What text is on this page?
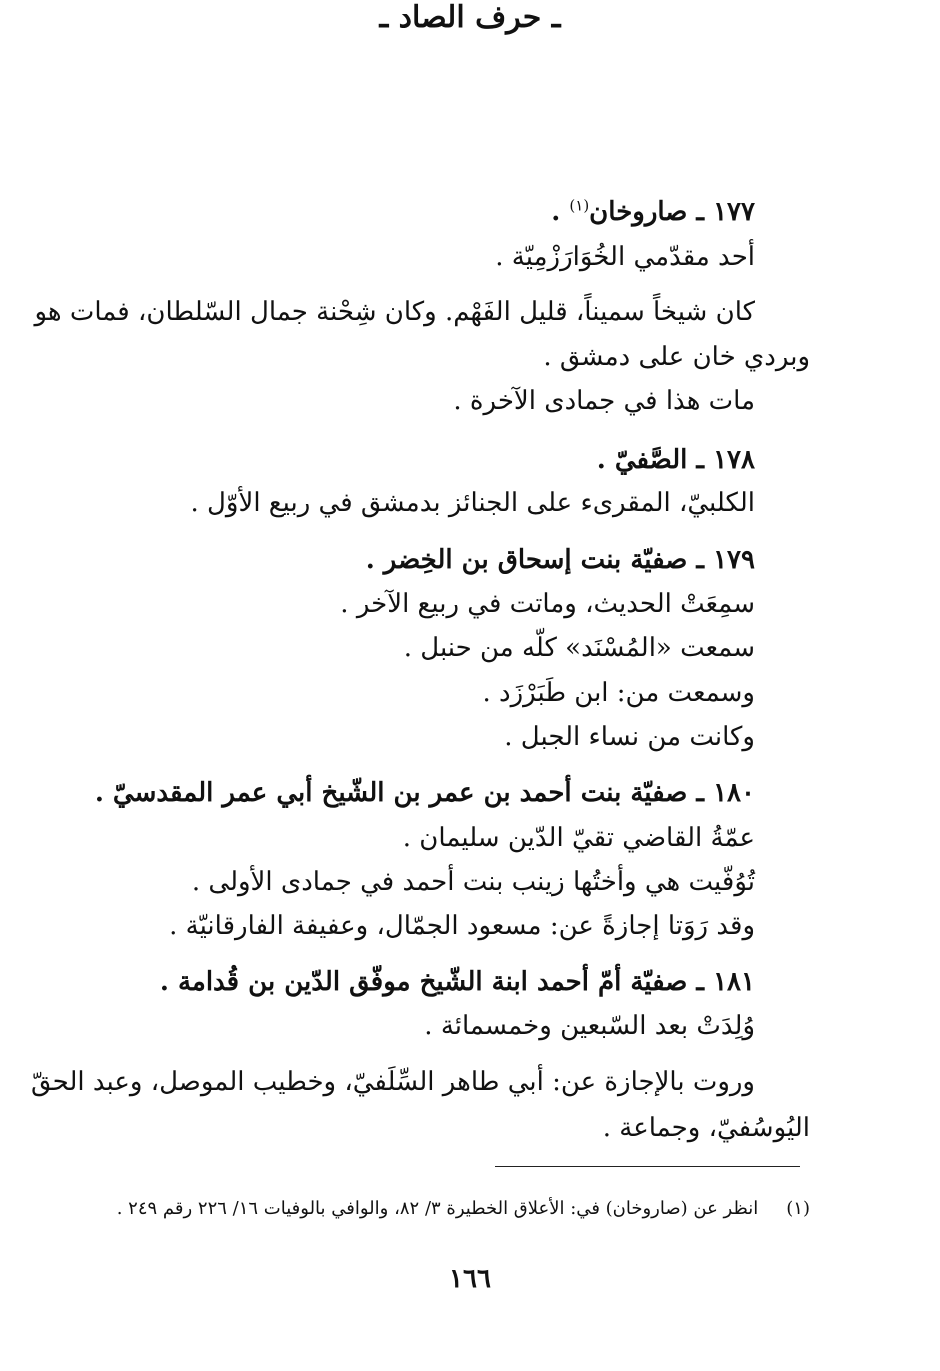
ـ حرف الصاد ـ
١٧٧ ـ صاروخان$^{(١)}$ .
أحد مقدّمي الخُوَارَزْمِيّة .
كان شيخاً سميناً، قليل الفَهْم. وكان شِحْنة جمال السّلطان، فمات هو
وبردي خان على دمشق .
مات هذا في جمادى الآخرة .
١٧٨ ـ الصَّفيّ .
الكلبيّ، المقرىء على الجنائز بدمشق في ربيع الأوّل .
١٧٩ ـ صفيّة بنت إسحاق بن الخِضر .
سمِعَتْ الحديث، وماتت في ربيع الآخر .
سمعت «المُسْنَد» كلّه من حنبل .
وسمعت من: ابن طَبَرْزَد .
وكانت من نساء الجبل .
١٨٠ ـ صفيّة بنت أحمد بن عمر بن الشّيخ أبي عمر المقدسيّ .
عمّةُ القاضي تقيّ الدّين سليمان .
تُوُفّيت هي وأختُها زينب بنت أحمد في جمادى الأولى .
وقد رَوَتا إجازةً عن: مسعود الجمّال، وعفيفة الفارقانيّة .
١٨١ ـ صفيّة أمّ أحمد ابنة الشّيخ موفّق الدّين بن قُدامة .
وُلِدَتْ بعد السّبعين وخمسمائة .
وروت بالإجازة عن: أبي طاهر السِّلَفيّ، وخطيب الموصل، وعبد الحقّ
اليُوسُفيّ، وجماعة .
(١)انظر عن (صاروخان) في: الأعلاق الخطيرة ٣/ ٨٢، والوافي بالوفيات ١٦/ ٢٢٦ رقم ٢٤٩ .
١٦٦
